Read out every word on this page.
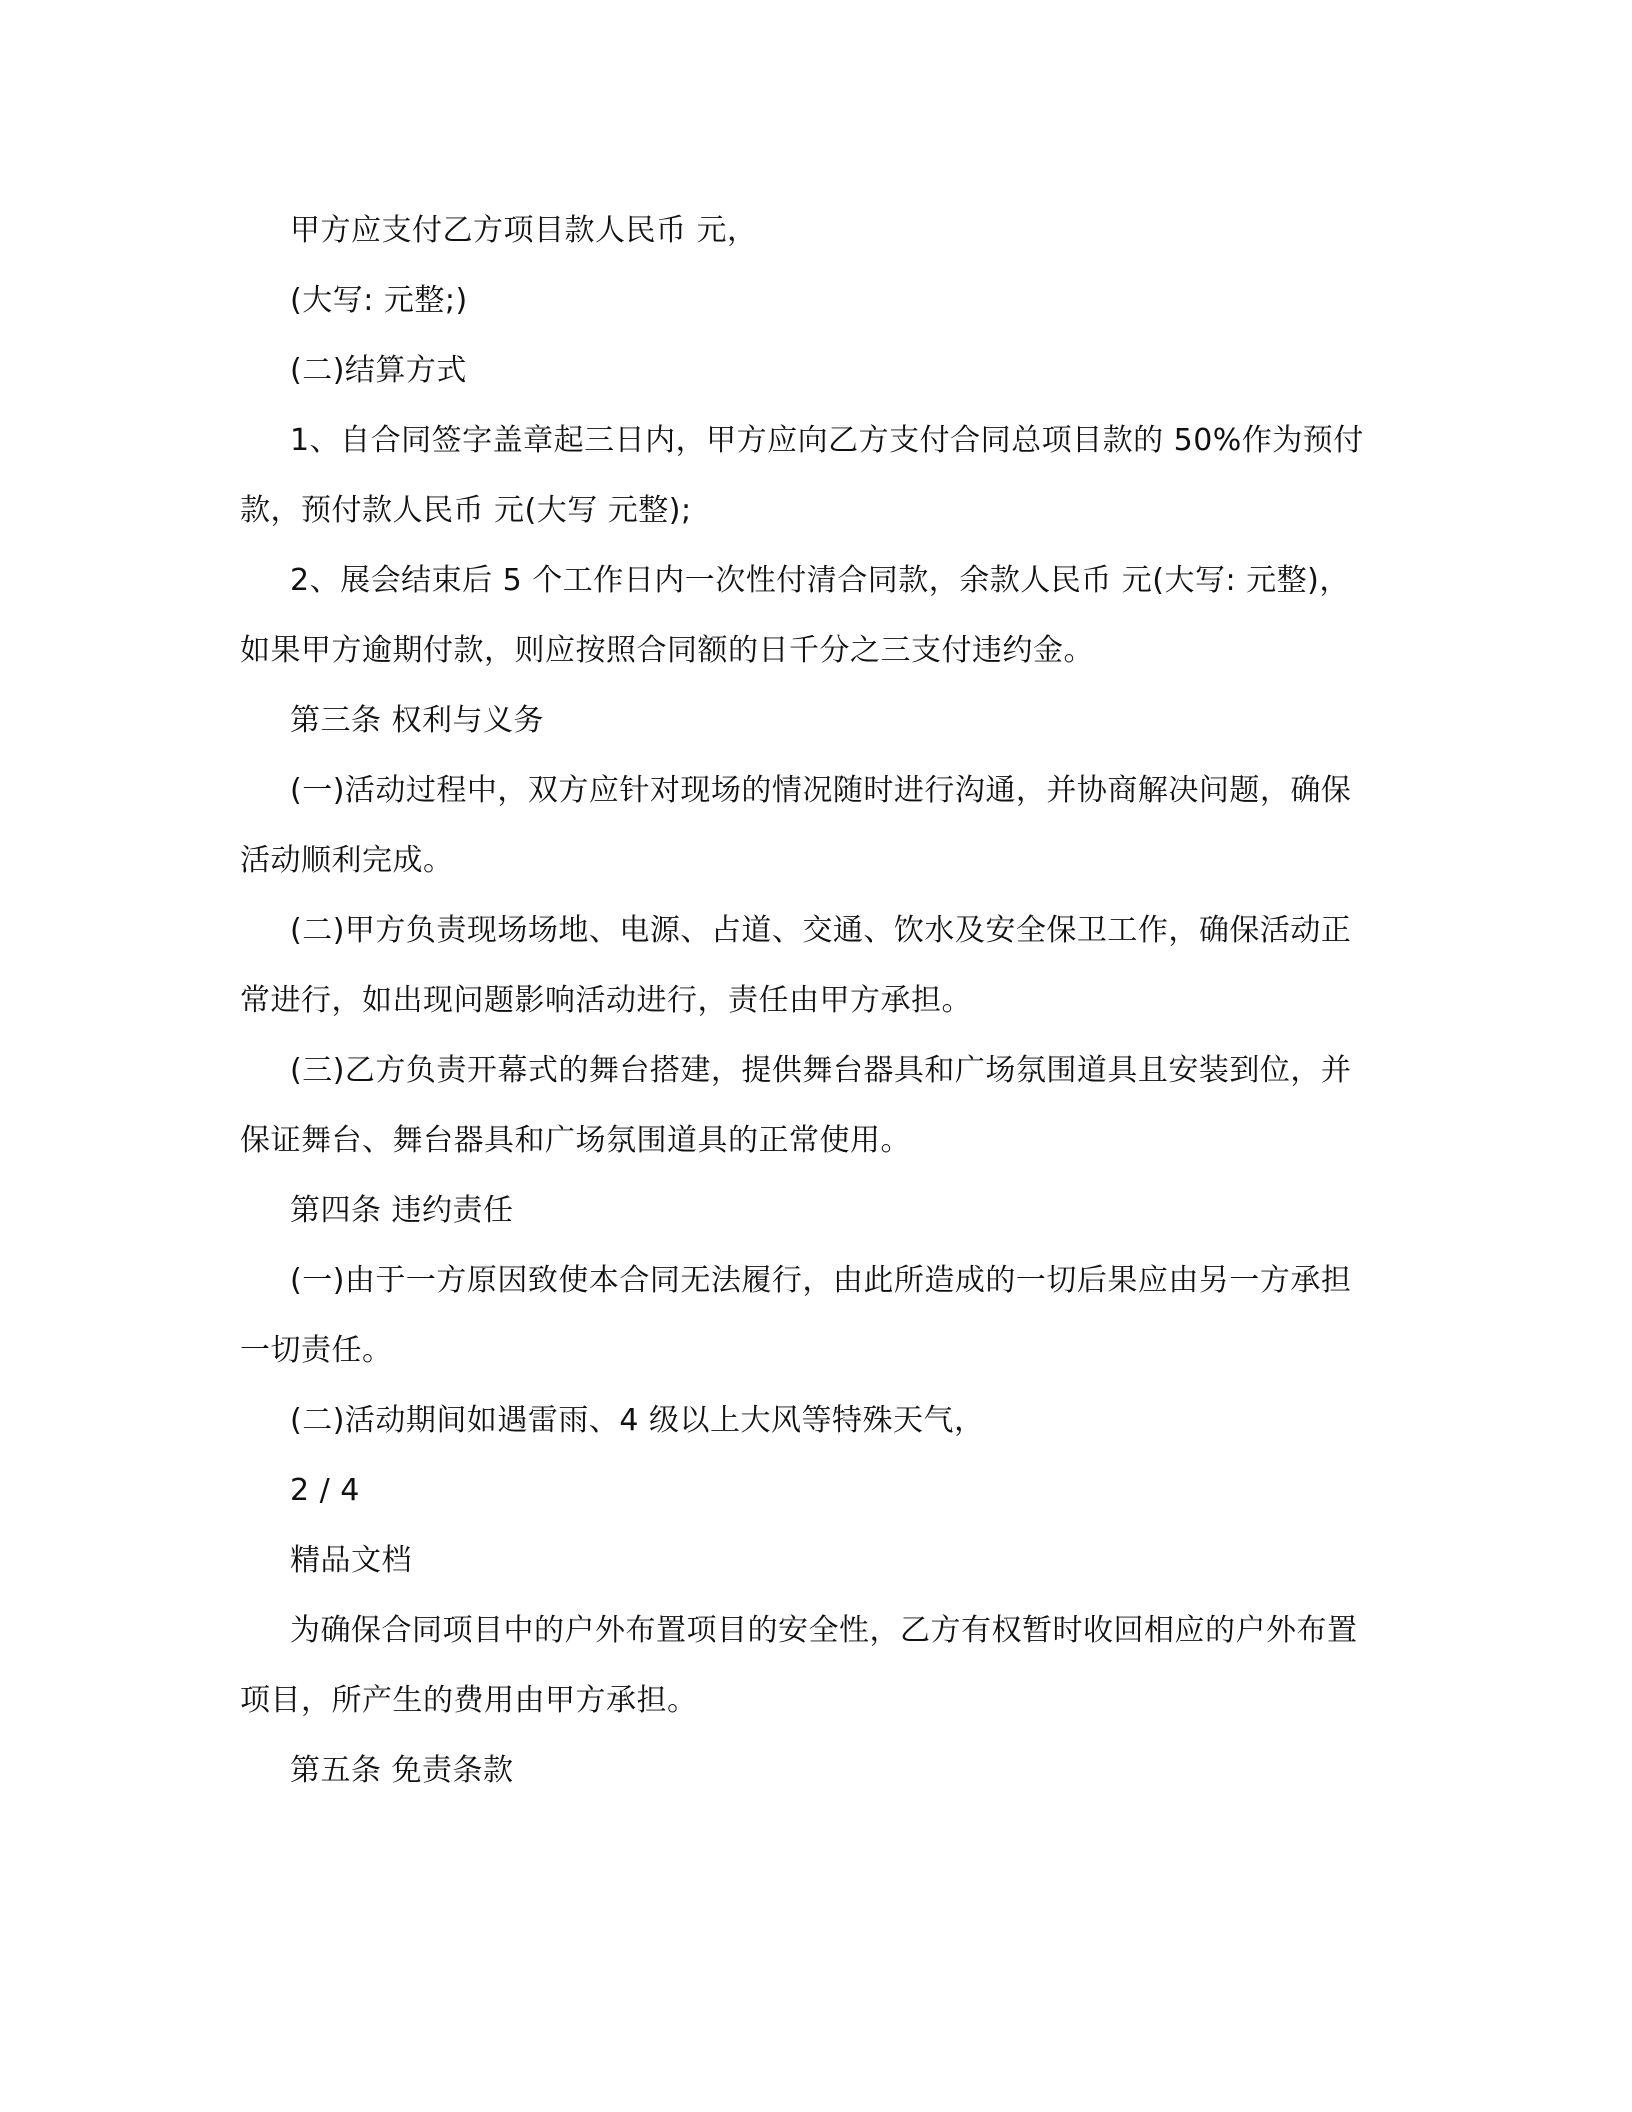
甲方应支付乙方项目款人民币 元，

(大写: 元整;)

(二)结算方式

1、自合同签字盖章起三日内，甲方应向乙方支付合同总项目款的 50%作为预付款，预付款人民币 元(大写 元整);

2、展会结束后 5 个工作日内一次性付清合同款，余款人民币 元(大写: 元整)，如果甲方逾期付款，则应按照合同额的日千分之三支付违约金。

第三条 权利与义务

(一)活动过程中，双方应针对现场的情况随时进行沟通，并协商解决问题，确保活动顺利完成。

(二)甲方负责现场场地、电源、占道、交通、饮水及安全保卫工作，确保活动正常进行，如出现问题影响活动进行，责任由甲方承担。

(三)乙方负责开幕式的舞台搭建，提供舞台器具和广场氛围道具且安装到位，并保证舞台、舞台器具和广场氛围道具的正常使用。

第四条 违约责任

(一)由于一方原因致使本合同无法履行，由此所造成的一切后果应由另一方承担一切责任。

(二)活动期间如遇雷雨、4 级以上大风等特殊天气，

2 / 4

精品文档

为确保合同项目中的户外布置项目的安全性，乙方有权暂时收回相应的户外布置项目，所产生的费用由甲方承担。

第五条 免责条款
